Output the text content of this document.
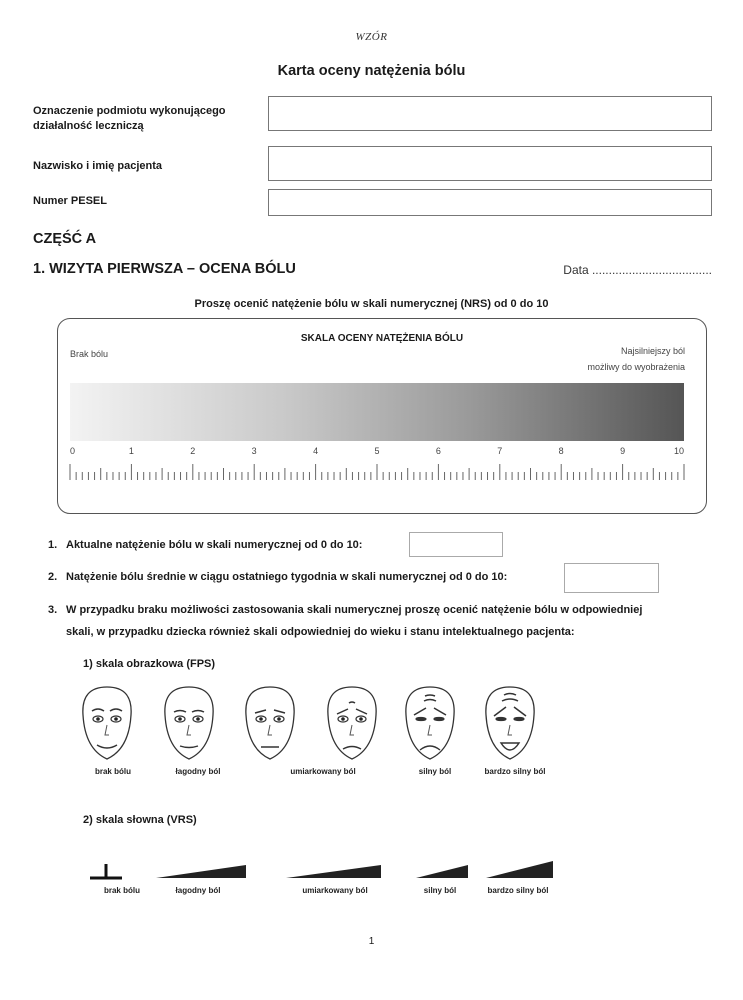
WZÓR
Karta oceny natężenia bólu
Oznaczenie podmiotu wykonującego działalność leczniczą
Nazwisko i imię pacjenta
Numer PESEL
CZĘŚĆ A
1. WIZYTA PIERWSZA – OCENA BÓLU	Data ....................................
Proszę ocenić natężenie bólu w skali numerycznej (NRS) od 0 do 10
SKALA OCENY NATĘŻENIA BÓLU
Brak bólu	Najsilniejszy ból
możliwy do wyobrażenia
0	1	2	3	4	5	6	7	8	9	10
1. Aktualne natężenie bólu w skali numerycznej od 0 do 10:
2. Natężenie bólu średnie w ciągu ostatniego tygodnia w skali numerycznej od 0 do 10:
3. W przypadku braku możliwości zastosowania skali numerycznej proszę ocenić natężenie bólu w odpowiedniej
skali, w przypadku dziecka również skali odpowiedniej do wieku i stanu intelektualnego pacjenta:
1) skala obrazkowa (FPS)
brak bólu	łagodny ból	umiarkowany ból	silny ból	bardzo silny ból
2) skala słowna (VRS)
brak bólu	łagodny ból	umiarkowany ból	silny ból	bardzo silny ból
1
